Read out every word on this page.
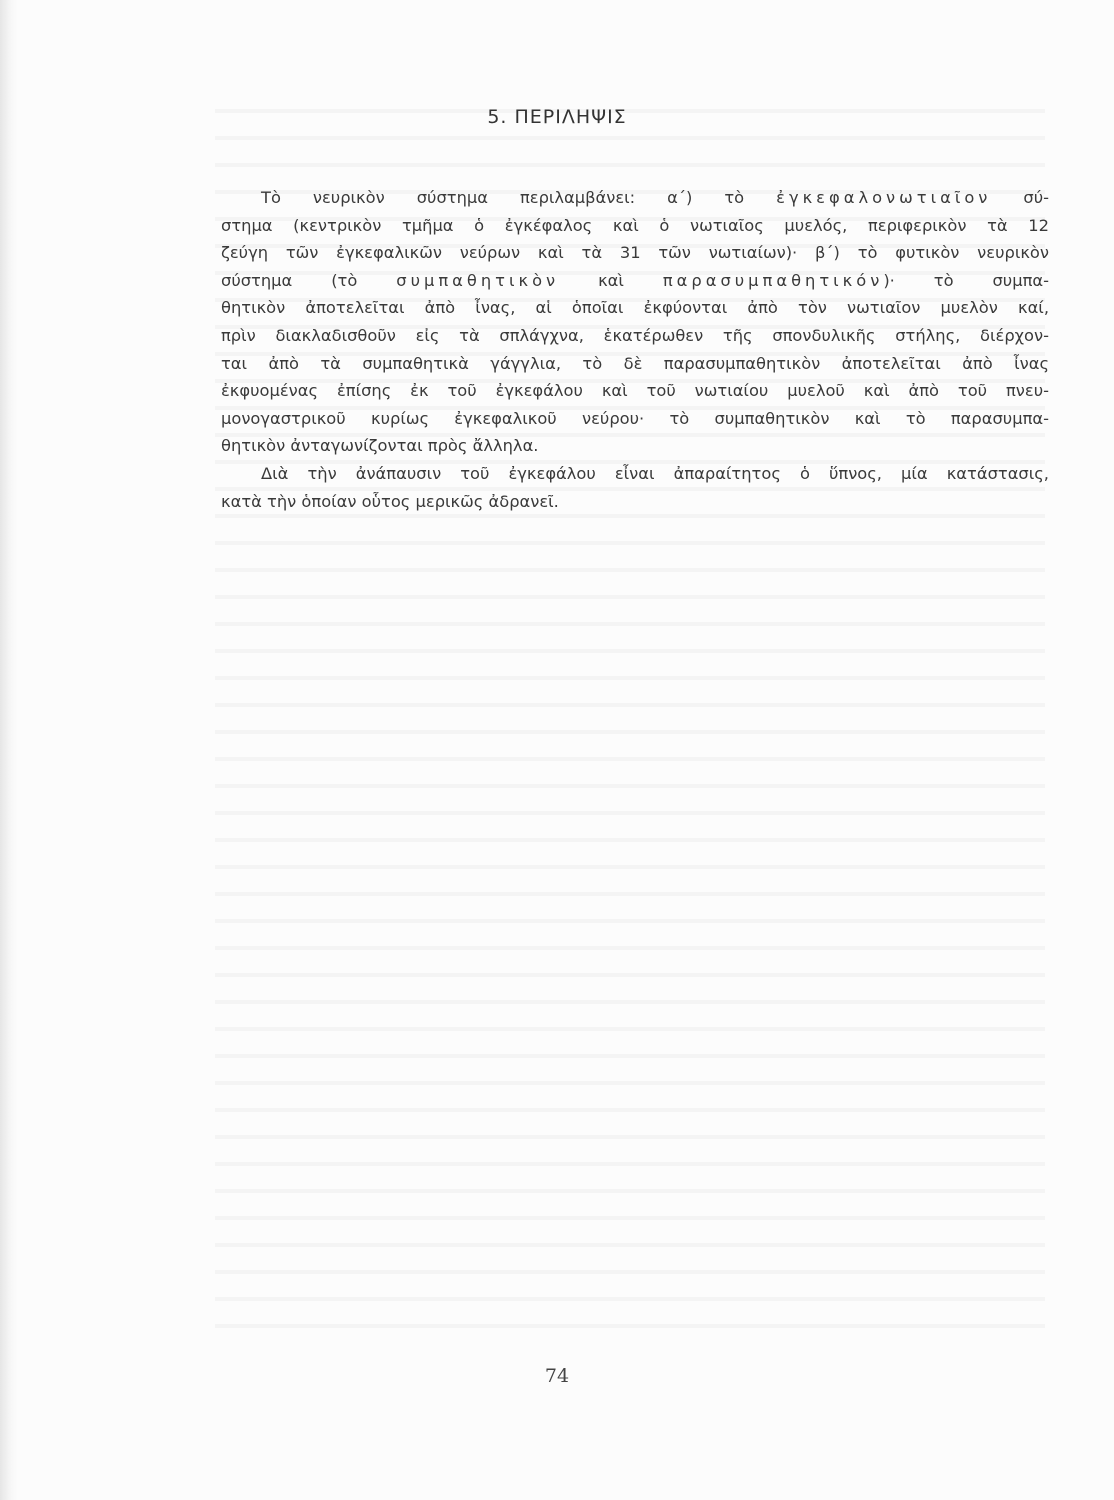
5. ΠΕΡΙΛΗΨΙΣ
Τὸ νευρικὸν σύστημα περιλαμβάνει: α΄) τὸ ἐγκεφαλονωτιαῖον σύ-
στημα (κεντρικὸν τμῆμα ὁ ἐγκέφαλος καὶ ὁ νωτιαῖος μυελός, περιφερικὸν τὰ 12
ζεύγη τῶν ἐγκεφαλικῶν νεύρων καὶ τὰ 31 τῶν νωτιαίων)· β΄) τὸ φυτικὸν νευρικὸν
σύστημα (τὸ συμπαθητικὸν καὶ παρασυμπαθητικόν)· τὸ συμπα-
θητικὸν ἀποτελεῖται ἀπὸ ἶνας, αἱ ὁποῖαι ἐκφύονται ἀπὸ τὸν νωτιαῖον μυελὸν καί,
πρὶν διακλαδισθοῦν εἰς τὰ σπλάγχνα, ἑκατέρωθεν τῆς σπονδυλικῆς στήλης, διέρχον-
ται ἀπὸ τὰ συμπαθητικὰ γάγγλια, τὸ δὲ παρασυμπαθητικὸν ἀποτελεῖται ἀπὸ ἶνας
ἐκφυομένας ἐπίσης ἐκ τοῦ ἐγκεφάλου καὶ τοῦ νωτιαίου μυελοῦ καὶ ἀπὸ τοῦ πνευ-
μονογαστρικοῦ κυρίως ἐγκεφαλικοῦ νεύρου· τὸ συμπαθητικὸν καὶ τὸ παρασυμπα-
θητικὸν ἀνταγωνίζονται πρὸς ἄλληλα.
Διὰ τὴν ἀνάπαυσιν τοῦ ἐγκεφάλου εἶναι ἀπαραίτητος ὁ ὕπνος, μία κατάστασις,
κατὰ τὴν ὁποίαν οὗτος μερικῶς ἀδρανεῖ.
74
